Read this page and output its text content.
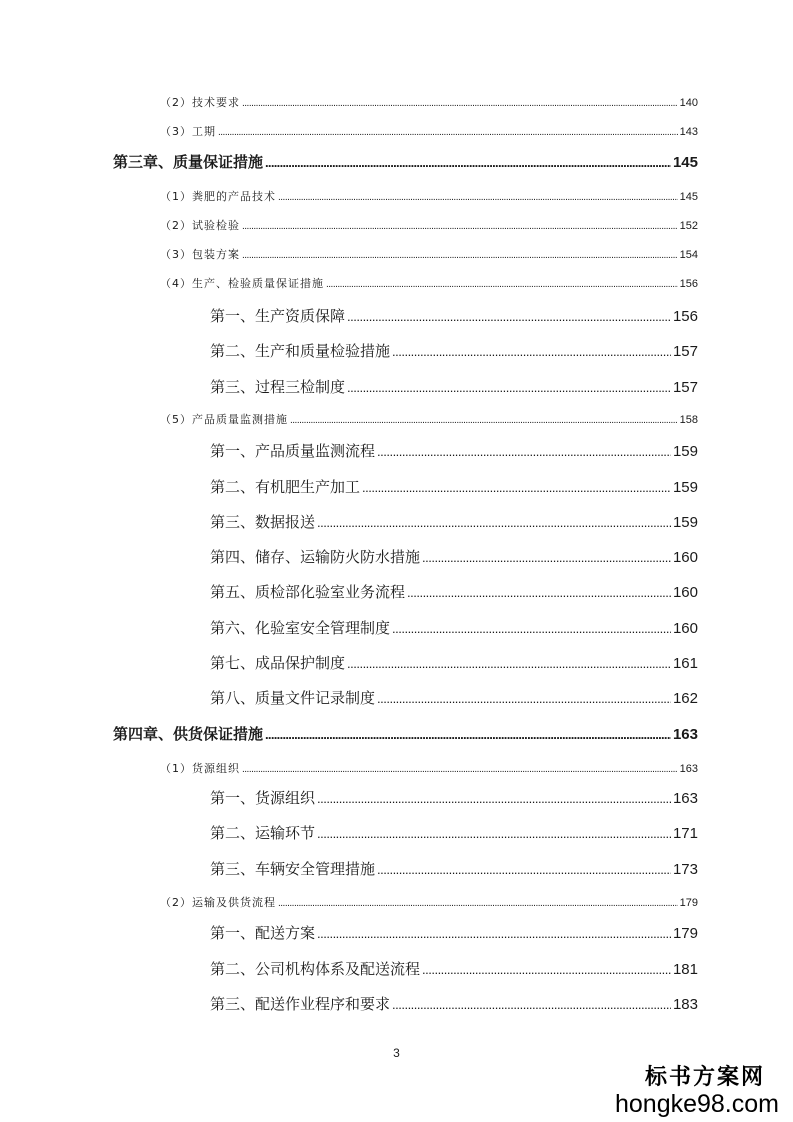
（2）技术要求 .....	140
（3）工期 .....	143
第三章、质量保证措施 .....	145
（1）粪肥的产品技术 .....	145
（2）试验检验 .....	152
（3）包装方案 .....	154
（4）生产、检验质量保证措施 .....	156
第一、生产资质保障 .....	156
第二、生产和质量检验措施 .....	157
第三、过程三检制度 .....	157
（5）产品质量监测措施 .....	158
第一、产品质量监测流程 .....	159
第二、有机肥生产加工 .....	159
第三、数据报送 .....	159
第四、储存、运输防火防水措施 .....	160
第五、质检部化验室业务流程 .....	160
第六、化验室安全管理制度 .....	160
第七、成品保护制度 .....	161
第八、质量文件记录制度 .....	162
第四章、供货保证措施 .....	163
（1）货源组织 .....	163
第一、货源组织 .....	163
第二、运输环节 .....	171
第三、车辆安全管理措施 .....	173
（2）运输及供货流程 .....	179
第一、配送方案 .....	179
第二、公司机构体系及配送流程 .....	181
第三、配送作业程序和要求 .....	183
3
标书方案网
hongke98.com
